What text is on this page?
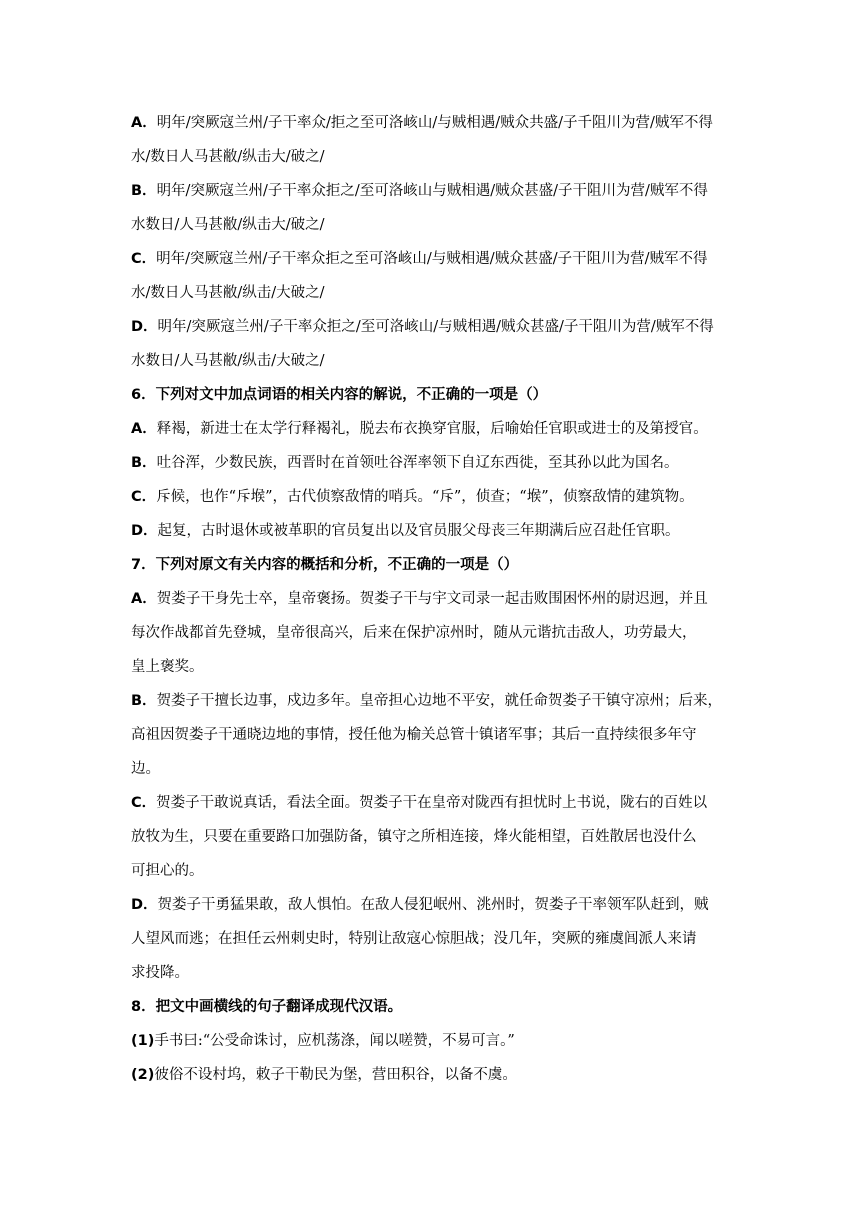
A．明年/突厥寇兰州/子干率众/拒之至可洛峐山/与贼相遇/贼众共盛/子千阻川为营/贼军不得
水/数日人马甚敝/纵击大/破之/
B．明年/突厥寇兰州/子干率众拒之/至可洛峐山与贼相遇/贼众甚盛/子干阻川为营/贼军不得
水数日/人马甚敝/纵击大/破之/
C．明年/突厥寇兰州/子干率众拒之至可洛峐山/与贼相遇/贼众甚盛/子干阻川为营/贼军不得
水/数日人马甚敝/纵击/大破之/
D．明年/突厥寇兰州/子干率众拒之/至可洛峐山/与贼相遇/贼众甚盛/子干阻川为营/贼军不得
水数日/人马甚敝/纵击/大破之/
6．下列对文中加点词语的相关内容的解说，不正确的一项是（）
A．释褐，新进士在太学行释褐礼，脱去布衣换穿官服，后喻始任官职或进士的及第授官。
B．吐谷浑，少数民族，西晋时在首领吐谷浑率领下自辽东西徙，至其孙以此为国名。
C．斥候，也作“斥堠”，古代侦察敌情的哨兵。“斥”，侦查；“堠”，侦察敌情的建筑物。
D．起复，古时退休或被革职的官员复出以及官员服父母丧三年期满后应召赴任官职。
7．下列对原文有关内容的概括和分析，不正确的一项是（）
A．贺娄子干身先士卒，皇帝褒扬。贺娄子干与宇文司录一起击败围困怀州的尉迟迥，并且
每次作战都首先登城，皇帝很高兴，后来在保护凉州时，随从元谐抗击敌人，功劳最大，
皇上褒奖。
B．贺娄子干擅长边事，戍边多年。皇帝担心边地不平安，就任命贺娄子干镇守凉州；后来，
高祖因贺娄子干通晓边地的事情，授任他为榆关总管十镇诸军事；其后一直持续很多年守
边。
C．贺娄子干敢说真话，看法全面。贺娄子干在皇帝对陇西有担忧时上书说，陇右的百姓以
放牧为生，只要在重要路口加强防备，镇守之所相连接，烽火能相望，百姓散居也没什么
可担心的。
D．贺娄子干勇猛果敢，敌人惧怕。在敌人侵犯岷州、洮州时，贺娄子干率领军队赶到，贼
人望风而逃；在担任云州刺史时，特别让敌寇心惊胆战；没几年，突厥的雍虞闾派人来请
求投降。
8．把文中画横线的句子翻译成现代汉语。
(1)手书曰:“公受命诛讨，应机荡涤，闻以嗟赞，不易可言。”
(2)彼俗不设村坞，敕子干勒民为堡，营田积谷，以备不虞。
